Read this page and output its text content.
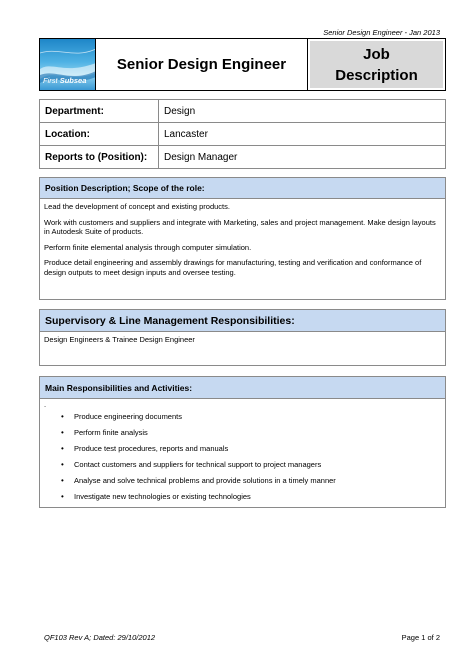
Senior Design Engineer - Jan 2013
First Subsea
Senior Design Engineer
Job
Description
Department:	Design
Location:	Lancaster
Reports to (Position):	Design Manager
Position Description; Scope of the role:

Lead the development of concept and existing products.

Work with customers and suppliers and integrate with Marketing, sales and project management. Make design layouts in Autodesk Suite of products.

Perform finite elemental analysis through computer simulation.

Produce detail engineering and assembly drawings for manufacturing, testing and verification and conformance of design outputs to meet design inputs and oversee testing.

Supervisory & Line Management Responsibilities:

Design Engineers & Trainee Design Engineer

Main Responsibilities and Activities:
.
• Produce engineering documents
• Perform finite analysis
• Produce test procedures, reports and manuals
• Contact customers and suppliers for technical support to project managers
• Analyse and solve technical problems and provide solutions in a timely manner
• Investigate new technologies or existing technologies
QF103 Rev A; Dated: 29/10/2012	Page 1 of 2
